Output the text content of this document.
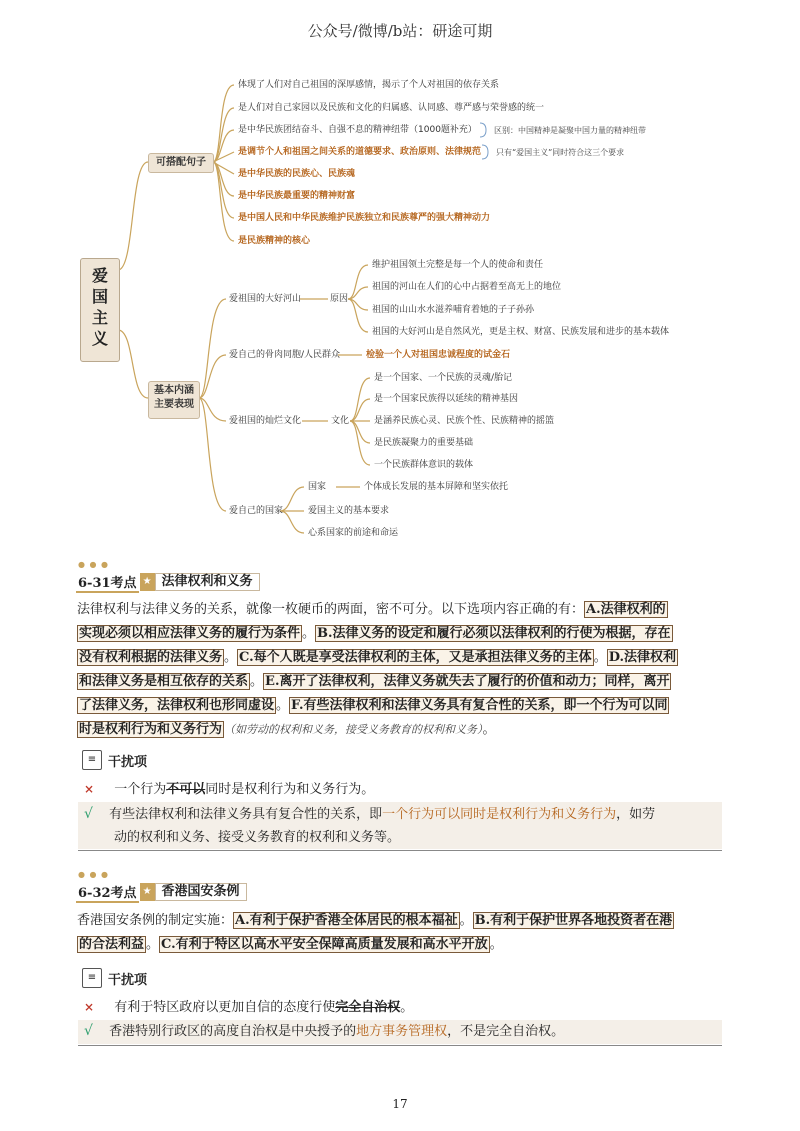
公众号/微博/b站：研途可期
爱
国
主
义
可搭配句子
基本内涵
主要表现
体现了人们对自己祖国的深厚感情，揭示了个人对祖国的依存关系
是人们对自己家园以及民族和文化的归属感、认同感、尊严感与荣誉感的统一
是中华民族团结奋斗、自强不息的精神纽带（1000题补充）
是调节个人和祖国之间关系的道德要求、政治原则、法律规范
是中华民族的民族心、民族魂
是中华民族最重要的精神财富
是中国人民和中华民族维护民族独立和民族尊严的强大精神动力
是民族精神的核心
区别：中国精神是凝聚中国力量的精神纽带
只有“爱国主义”同时符合这三个要求
爱祖国的大好河山	原因
维护祖国领土完整是每一个人的使命和责任
祖国的河山在人们的心中占据着至高无上的地位
祖国的山山水水滋养哺育着她的子子孙孙
祖国的大好河山是自然风光，更是主权、财富、民族发展和进步的基本载体
爱自己的骨肉同胞/人民群众	检验一个人对祖国忠诚程度的试金石
爱祖国的灿烂文化	文化
是一个国家、一个民族的灵魂/胎记
是一个国家民族得以延续的精神基因
是涵养民族心灵、民族个性、民族精神的摇篮
是民族凝聚力的重要基础
一个民族群体意识的载体
爱自己的国家
国家	个体成长发展的基本屏障和坚实依托
爱国主义的基本要求
心系国家的前途和命运
● ● ●
6-31考点 ★ 法律权利和义务
法律权利与法律义务的关系，就像一枚硬币的两面，密不可分。以下选项内容正确的有： A.法律权利的
实现必须以相应法律义务的履行为条件 。 B.法律义务的设定和履行必须以法律权利的行使为根据，存在
没有权利根据的法律义务 。 C.每个人既是享受法律权利的主体，又是承担法律义务的主体 。 D.法律权利
和法律义务是相互依存的关系 。 E.离开了法律权利，法律义务就失去了履行的价值和动力；同样，离开
了法律义务，法律权利也形同虚设 。 F.有些法律权利和法律义务具有复合性的关系，即一个行为可以同
时是权利行为和义务行为 （如劳动的权利和义务，接受义务教育的权利和义务）。
≡ 干扰项
× 一个行为不可以同时是权利行为和义务行为。
√ 有些法律权利和法律义务具有复合性的关系，即一个行为可以同时是权利行为和义务行为，如劳
动的权利和义务、接受义务教育的权利和义务等。
● ● ●
6-32考点 ★ 香港国安条例
香港国安条例的制定实施： A.有利于保护香港全体居民的根本福祉 。 B.有利于保护世界各地投资者在港
的合法利益 。 C.有利于特区以高水平安全保障高质量发展和高水平开放 。
≡ 干扰项
× 有利于特区政府以更加自信的态度行使完全自治权。
√ 香港特别行政区的高度自治权是中央授予的地方事务管理权，不是完全自治权。
17
